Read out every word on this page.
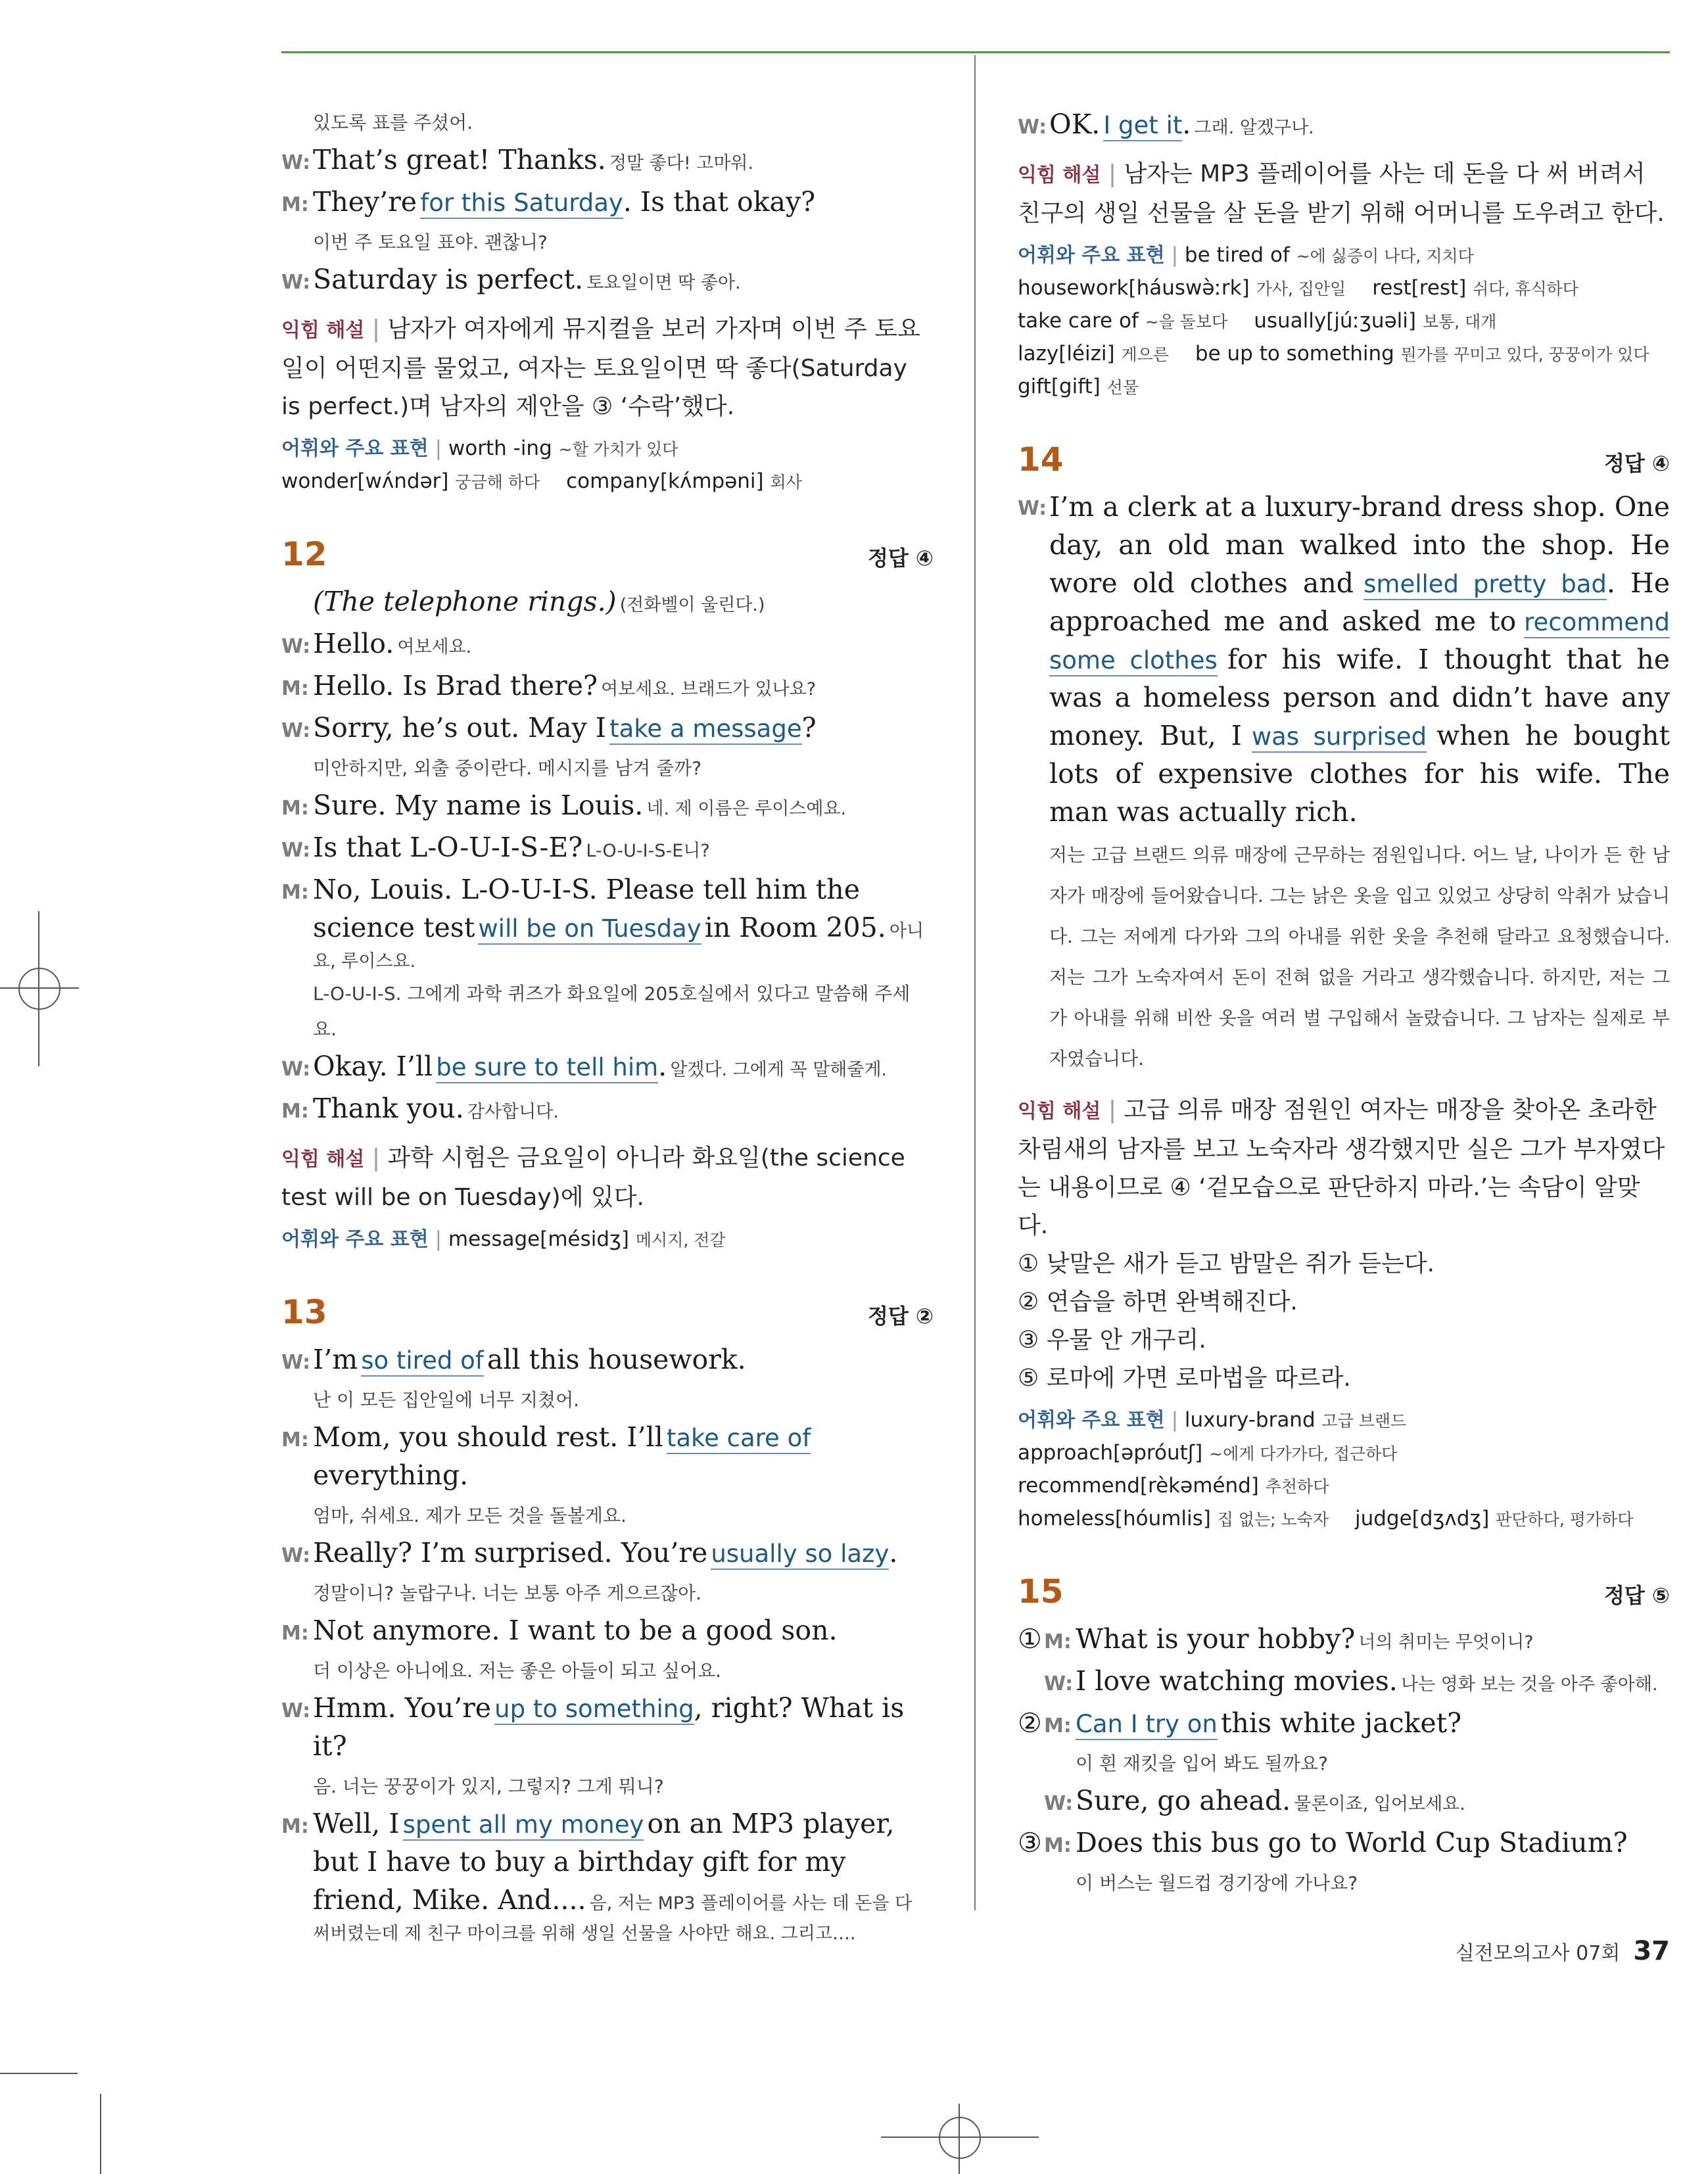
있도록 표를 주셨어.
W: That’s great! Thanks. 정말 좋다! 고마워.
M: They’re for this Saturday. Is that okay?
이번 주 토요일 표야. 괜찮니?
W: Saturday is perfect. 토요일이면 딱 좋아.
익힘 해설 | 남자가 여자에게 뮤지컬을 보러 가자며 이번 주 토요일이 어떤지를 물었고, 여자는 토요일이면 딱 좋다(Saturday is perfect.)며 남자의 제안을 ③ ‘수락’했다.
어휘와 주요 표현 | worth -ing ~할 가치가 있다
wonder[wʌ́ndər] 궁금해 하다 company[kʌ́mpəni] 회사
12	정답 ④
(The telephone rings.) (전화벨이 울린다.)
W: Hello. 여보세요.
M: Hello. Is Brad there? 여보세요. 브래드가 있나요?
W: Sorry, he’s out. May I take a message?
미안하지만, 외출 중이란다. 메시지를 남겨 줄까?
M: Sure. My name is Louis. 네. 제 이름은 루이스예요.
W: Is that L-O-U-I-S-E? L-O-U-I-S-E니?
M: No, Louis. L-O-U-I-S. Please tell him the science test will be on Tuesday in Room 205. 아니요, 루이스요.
L-O-U-I-S. 그에게 과학 퀴즈가 화요일에 205호실에서 있다고 말씀해 주세요.
W: Okay. I’ll be sure to tell him. 알겠다. 그에게 꼭 말해줄게.
M: Thank you. 감사합니다.
익힘 해설 | 과학 시험은 금요일이 아니라 화요일(the science test will be on Tuesday)에 있다.
어휘와 주요 표현 | message[mésidʒ] 메시지, 전갈
13	정답 ②
W: I’m so tired of all this housework.
난 이 모든 집안일에 너무 지쳤어.
M: Mom, you should rest. I’ll take care of everything.
엄마, 쉬세요. 제가 모든 것을 돌볼게요.
W: Really? I’m surprised. You’re usually so lazy.
정말이니? 놀랍구나. 너는 보통 아주 게으르잖아.
M: Not anymore. I want to be a good son.
더 이상은 아니에요. 저는 좋은 아들이 되고 싶어요.
W: Hmm. You’re up to something, right? What is it?
음. 너는 꿍꿍이가 있지, 그렇지? 그게 뭐니?
M: Well, I spent all my money on an MP3 player, but I have to buy a birthday gift for my friend, Mike. And.... 음, 저는 MP3 플레이어를 사는 데 돈을 다 써버렸는데 제 친구 마이크를 위해 생일 선물을 사야만 해요. 그리고….
W: OK. I get it. 그래. 알겠구나.
익힘 해설 | 남자는 MP3 플레이어를 사는 데 돈을 다 써 버려서 친구의 생일 선물을 살 돈을 받기 위해 어머니를 도우려고 한다.
어휘와 주요 표현 | be tired of ~에 싫증이 나다, 지치다
housework[háuswə̀ːrk] 가사, 집안일 rest[rest] 쉬다, 휴식하다
take care of ~을 돌보다 usually[júːʒuəli] 보통, 대개
lazy[léizi] 게으른 be up to something 뭔가를 꾸미고 있다, 꿍꿍이가 있다
gift[gift] 선물
14	정답 ④
W: I’m a clerk at a luxury-brand dress shop. One day, an old man walked into the shop. He wore old clothes and smelled pretty bad. He approached me and asked me to recommend some clothes for his wife. I thought that he was a homeless person and didn’t have any money. But, I was surprised when he bought lots of expensive clothes for his wife. The man was actually rich.
저는 고급 브랜드 의류 매장에 근무하는 점원입니다. 어느 날, 나이가 든 한 남자가 매장에 들어왔습니다. 그는 낡은 옷을 입고 있었고 상당히 악취가 났습니다. 그는 저에게 다가와 그의 아내를 위한 옷을 추천해 달라고 요청했습니다. 저는 그가 노숙자여서 돈이 전혀 없을 거라고 생각했습니다. 하지만, 저는 그가 아내를 위해 비싼 옷을 여러 벌 구입해서 놀랐습니다. 그 남자는 실제로 부자였습니다.
익힘 해설 | 고급 의류 매장 점원인 여자는 매장을 찾아온 초라한 차림새의 남자를 보고 노숙자라 생각했지만 실은 그가 부자였다는 내용이므로 ④ ‘겉모습으로 판단하지 마라.’는 속담이 알맞다.
① 낮말은 새가 듣고 밤말은 쥐가 듣는다.
② 연습을 하면 완벽해진다.
③ 우물 안 개구리.
⑤ 로마에 가면 로마법을 따르라.
어휘와 주요 표현 | luxury-brand 고급 브랜드
approach[əpróutʃ] ~에게 다가가다, 접근하다
recommend[rèkəménd] 추천하다
homeless[hóumlis] 집 없는; 노숙자 judge[dʒʌdʒ] 판단하다, 평가하다
15	정답 ⑤
① M: What is your hobby? 너의 취미는 무엇이니?
W: I love watching movies. 나는 영화 보는 것을 아주 좋아해.
② M: Can I try on this white jacket?
이 흰 재킷을 입어 봐도 될까요?
W: Sure, go ahead. 물론이죠, 입어보세요.
③ M: Does this bus go to World Cup Stadium?
이 버스는 월드컵 경기장에 가나요?
실전모의고사 07회 37
